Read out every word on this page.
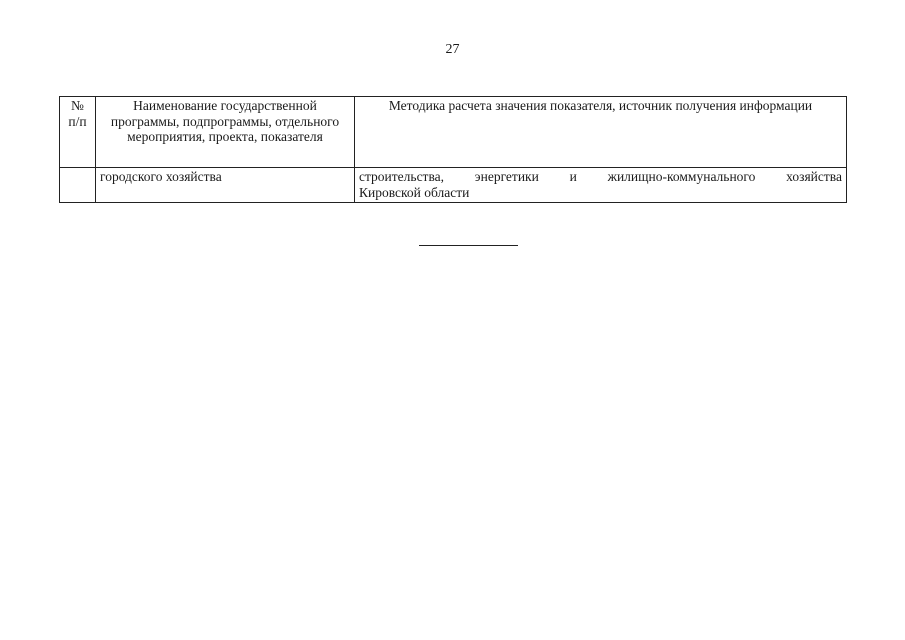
27
№ п/п	Наименование государственной программы, подпрограммы, отдельного мероприятия, проекта, показателя	Методика расчета значения показателя, источник получения информации
	городского хозяйства	строительства, энергетики и жилищно-коммунального хозяйства
Кировской области
